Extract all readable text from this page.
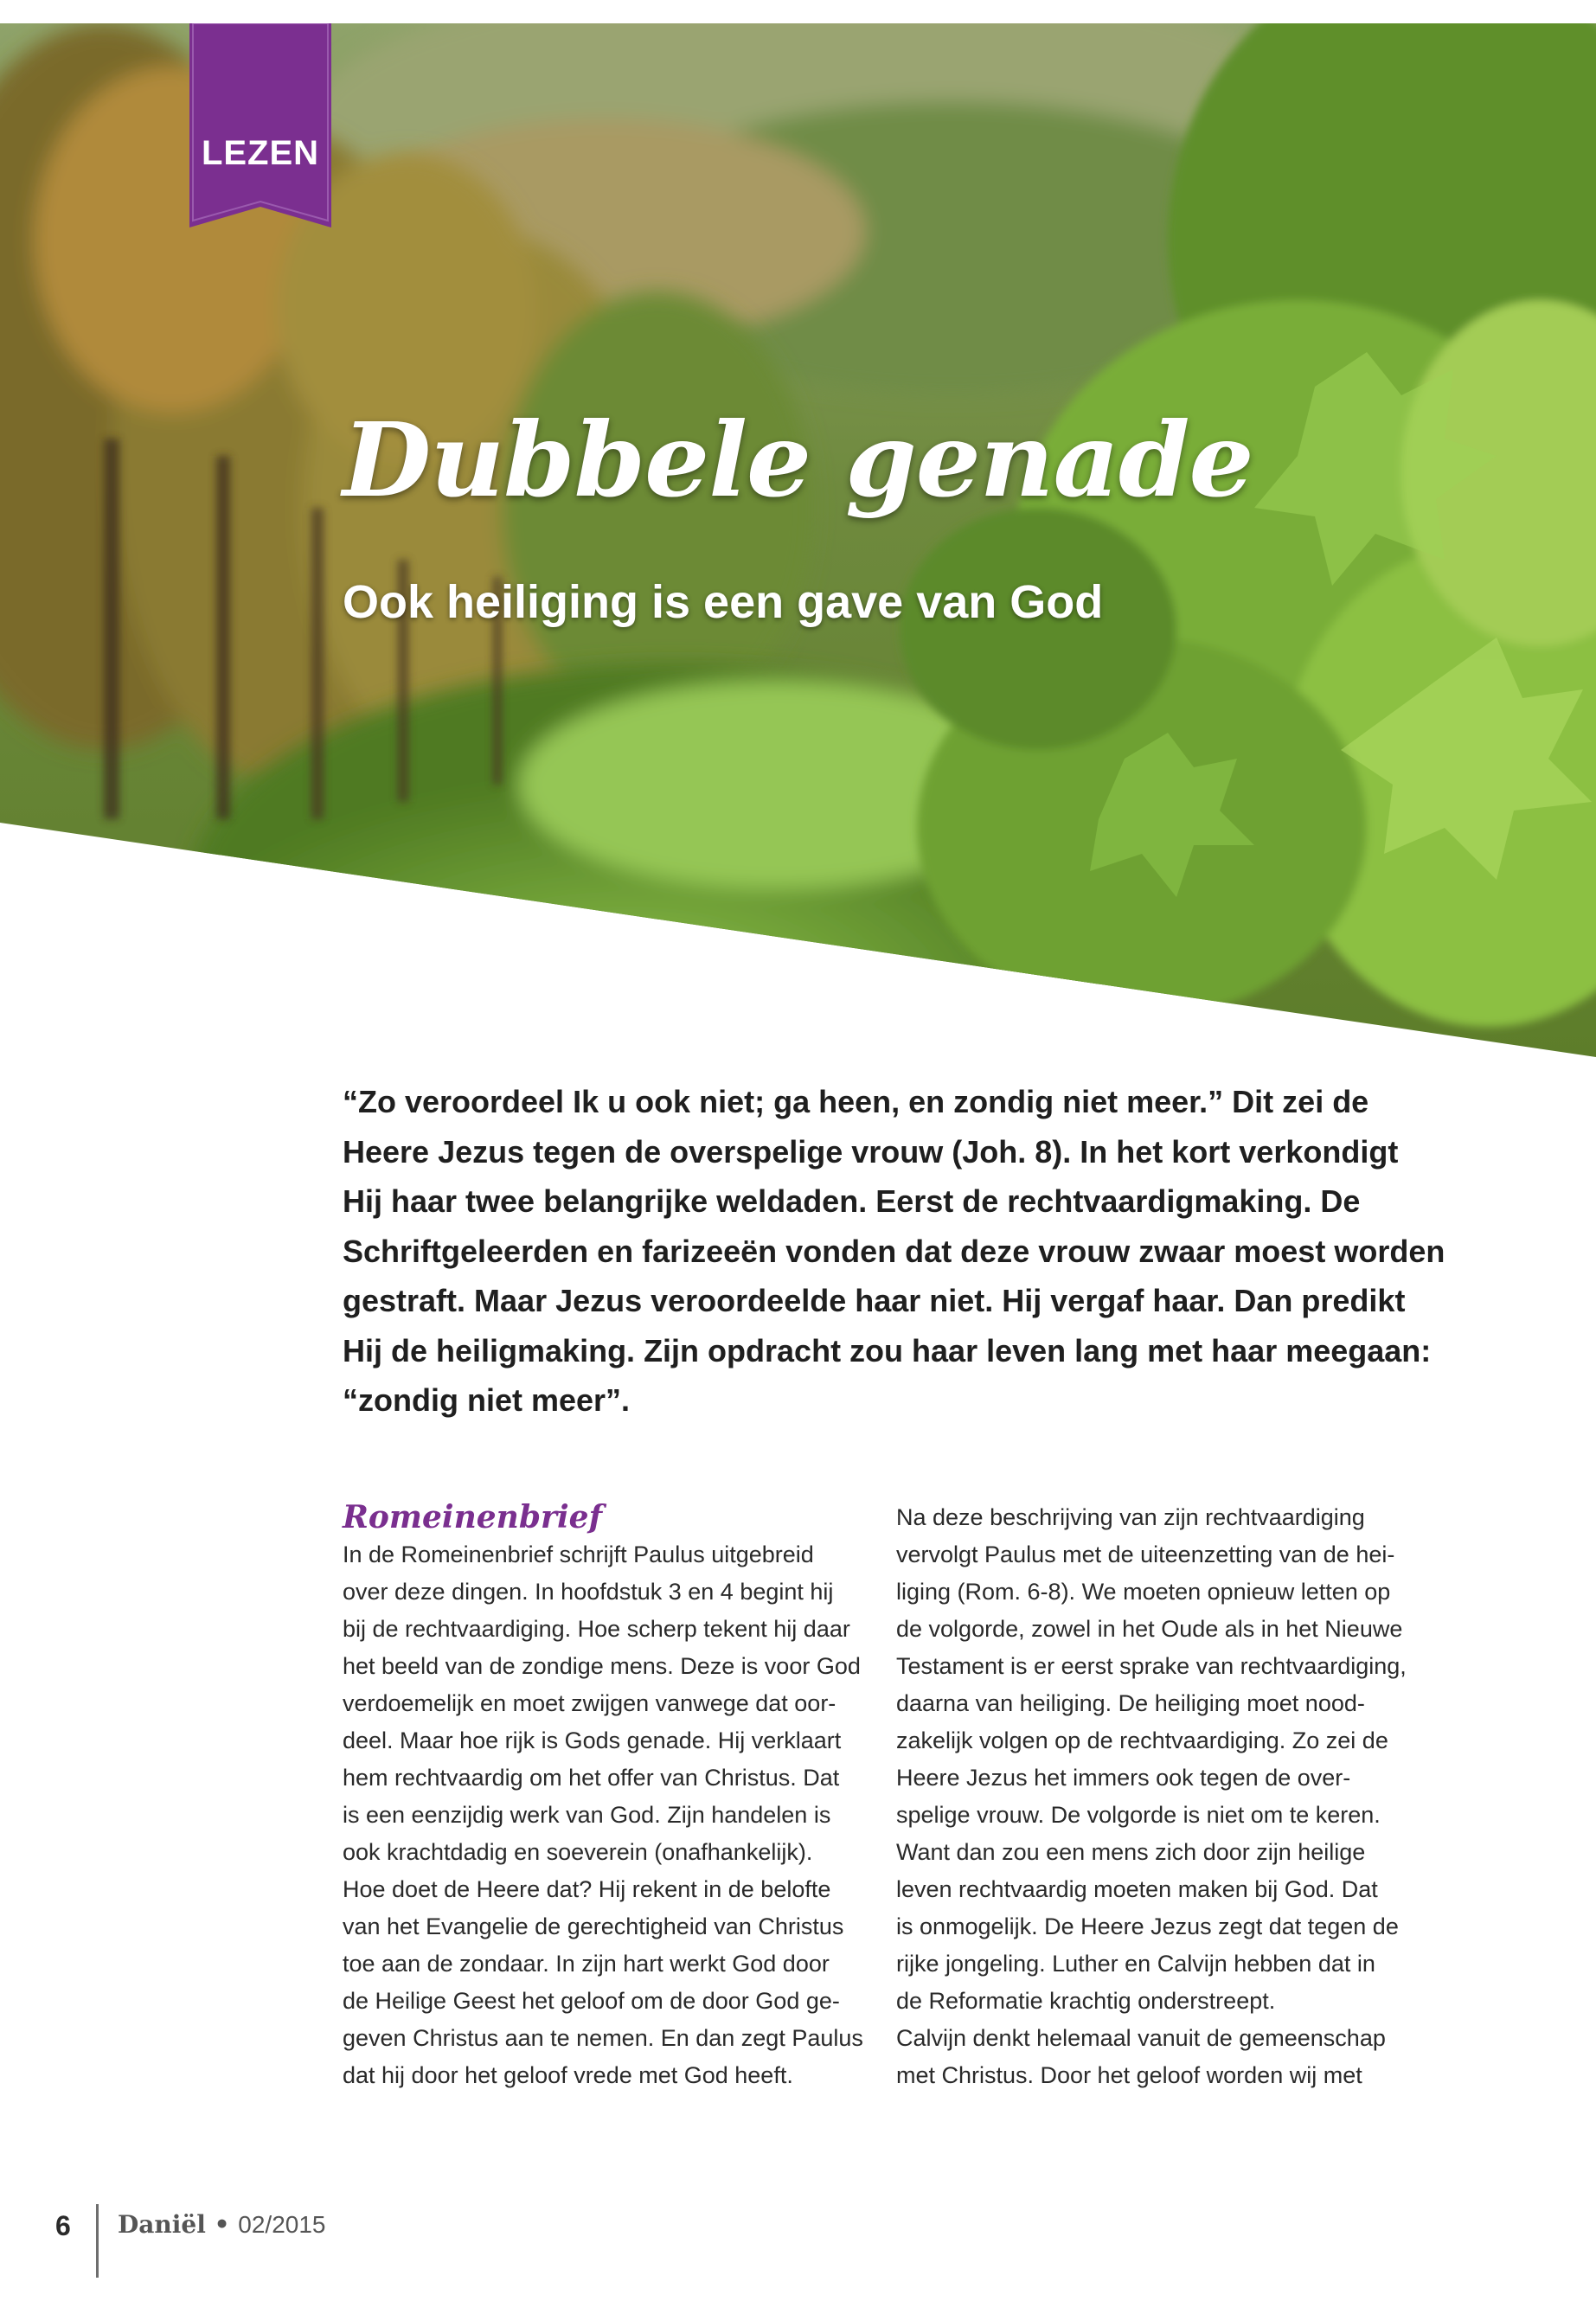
LEZEN
Dubbele genade
Ook heiliging is een gave van God
“Zo veroordeel Ik u ook niet; ga heen, en zondig niet meer.” Dit zei de
Heere Jezus tegen de overspelige vrouw (Joh. 8). In het kort verkondigt
Hij haar twee belangrijke weldaden. Eerst de rechtvaardigmaking. De
Schriftgeleerden en farizeeën vonden dat deze vrouw zwaar moest worden
gestraft. Maar Jezus veroordeelde haar niet. Hij vergaf haar. Dan predikt
Hij de heiligmaking. Zijn opdracht zou haar leven lang met haar meegaan:
“zondig niet meer”.
Romeinenbrief
In de Romeinenbrief schrijft Paulus uitgebreid
over deze dingen. In hoofdstuk 3 en 4 begint hij
bij de rechtvaardiging. Hoe scherp tekent hij daar
het beeld van de zondige mens. Deze is voor God
verdoemelijk en moet zwijgen vanwege dat oor-
deel. Maar hoe rijk is Gods genade. Hij verklaart
hem rechtvaardig om het offer van Christus. Dat
is een eenzijdig werk van God. Zijn handelen is
ook krachtdadig en soeverein (onafhankelijk).
Hoe doet de Heere dat? Hij rekent in de belofte
van het Evangelie de gerechtigheid van Christus
toe aan de zondaar. In zijn hart werkt God door
de Heilige Geest het geloof om de door God ge-
geven Christus aan te nemen. En dan zegt Paulus
dat hij door het geloof vrede met God heeft.
Na deze beschrijving van zijn rechtvaardiging
vervolgt Paulus met de uiteenzetting van de hei-
liging (Rom. 6-8). We moeten opnieuw letten op
de volgorde, zowel in het Oude als in het Nieuwe
Testament is er eerst sprake van rechtvaardiging,
daarna van heiliging. De heiliging moet nood-
zakelijk volgen op de rechtvaardiging. Zo zei de
Heere Jezus het immers ook tegen de over-
spelige vrouw. De volgorde is niet om te keren.
Want dan zou een mens zich door zijn heilige
leven rechtvaardig moeten maken bij God. Dat
is onmogelijk. De Heere Jezus zegt dat tegen de
rijke jongeling. Luther en Calvijn hebben dat in
de Reformatie krachtig onderstreept.
Calvijn denkt helemaal vanuit de gemeenschap
met Christus. Door het geloof worden wij met
6 Daniël • 02/2015
